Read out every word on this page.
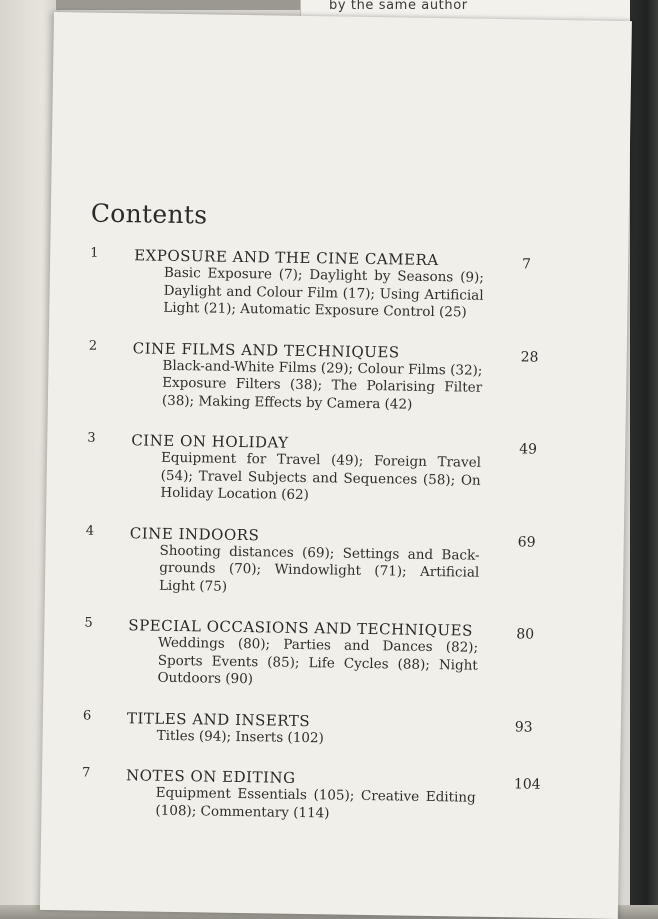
by the same author
Contents
1 EXPOSURE AND THE CINE CAMERA	7
Basic Exposure (7); Daylight by Seasons (9); Daylight and Colour Film (17); Using Artificial Light (21); Automatic Exposure Control (25)
2 CINE FILMS AND TECHNIQUES	28
Black-and-White Films (29); Colour Films (32); Exposure Filters (38); The Polarising Filter (38); Making Effects by Camera (42)
3 CINE ON HOLIDAY	49
Equipment for Travel (49); Foreign Travel (54); Travel Subjects and Sequences (58); On Holiday Location (62)
4 CINE INDOORS	69
Shooting distances (69); Settings and Back-grounds (70); Windowlight (71); Artificial Light (75)
5 SPECIAL OCCASIONS AND TECHNIQUES	80
Weddings (80); Parties and Dances (82); Sports Events (85); Life Cycles (88); Night Outdoors (90)
6 TITLES AND INSERTS	93
Titles (94); Inserts (102)
7 NOTES ON EDITING	104
Equipment Essentials (105); Creative Editing (108); Commentary (114)
